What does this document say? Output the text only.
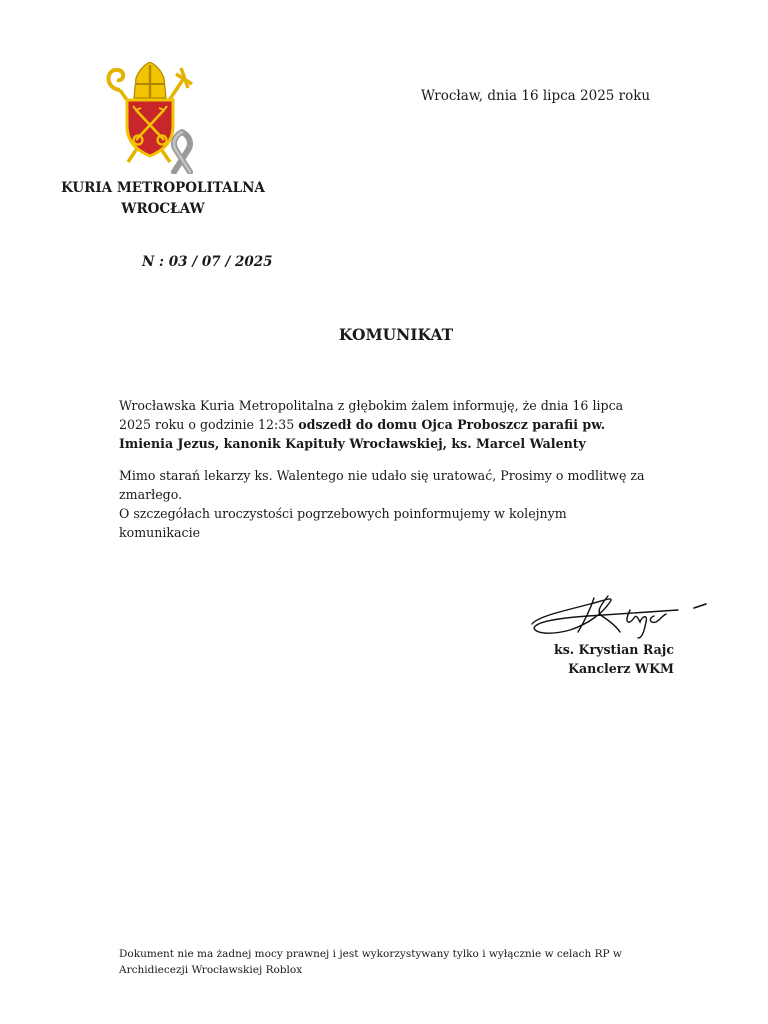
KURIA METROPOLITALNA
WROCŁAW
Wrocław, dnia 16 lipca 2025 roku
N : 03 / 07 / 2025
KOMUNIKAT
Wrocławska Kuria Metropolitalna z głębokim żalem informuję, że dnia 16 lipca 2025 roku o godzinie 12:35 odszedł do domu Ojca Proboszcz parafii pw. Imienia Jezus, kanonik Kapituły Wrocławskiej, ks. Marcel Walenty
Mimo starań lekarzy ks. Walentego nie udało się uratować, Prosimy o modlitwę za zmarłego.
O szczegółach uroczystości pogrzebowych poinformujemy w kolejnym komunikacie
ks. Krystian Rajc
Kanclerz WKM
Dokument nie ma żadnej mocy prawnej i jest wykorzystywany tylko i wyłącznie w celach RP w Archidiecezji Wrocławskiej Roblox
